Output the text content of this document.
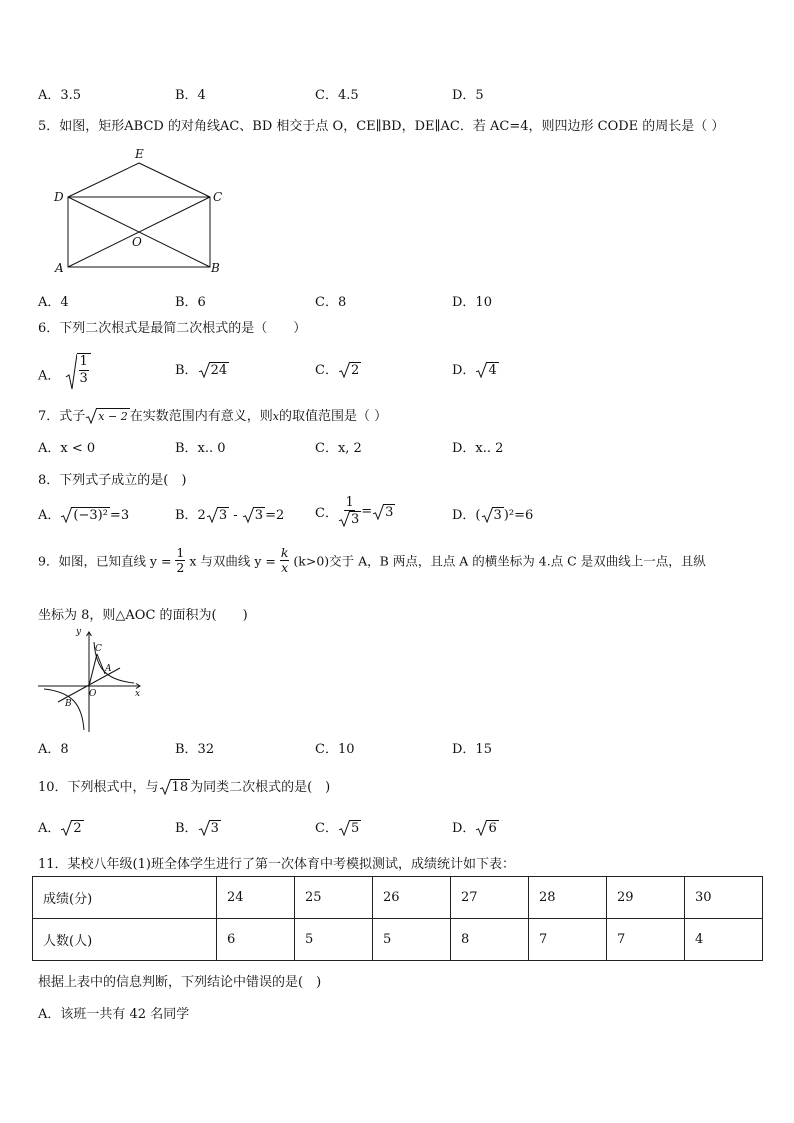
A．3.5	B．4	C．4.5	D．5
5．如图，矩形ABCD 的对角线AC、BD 相交于点 O，CE∥BD，DE∥AC．若 AC=4，则四边形 CODE 的周长是（ ）
E
D	C
O
A	B
A．4	B．6	C．8	D．10
6．下列二次根式是最简二次根式的是（　　）
A． $\frac{1}{3}$	B． 24	C． 2	D． 4
7．式子 x − 2 在实数范围内有意义，则x的取值范围是（ ）
A．x < 0	B．x.. 0	C．x, 2	D．x.. 2
8．下列式子成立的是(　)
A． (−3)² =3	B．2 3 -
3 =2 C． $\frac{1}{3} = 3$	D．( 3 )²=6
9．如图，已知直线 $y = \frac{1}{2}$ x 与双曲线 $y = \frac{k}{x} (k>0)$交于 A，B 两点，且点 A 的横坐标为 4.点 C 是双曲线上一点，且纵
坐标为 8，则△AOC 的面积为(　　)
y
C
A
O	x
B
A．8	B．32	C．10	D．15
10．下列根式中，与 18 为同类二次根式的是(　)
A． 2	B． 3	C． 5	D． 6
11．某校八年级(1)班全体学生进行了第一次体育中考模拟测试，成绩统计如下表：
成绩(分)	24	25	26	27	28	29	30
人数(人)	6	5	5	8	7	7	4
根据上表中的信息判断，下列结论中错误的是(　)
A．该班一共有 42 名同学
